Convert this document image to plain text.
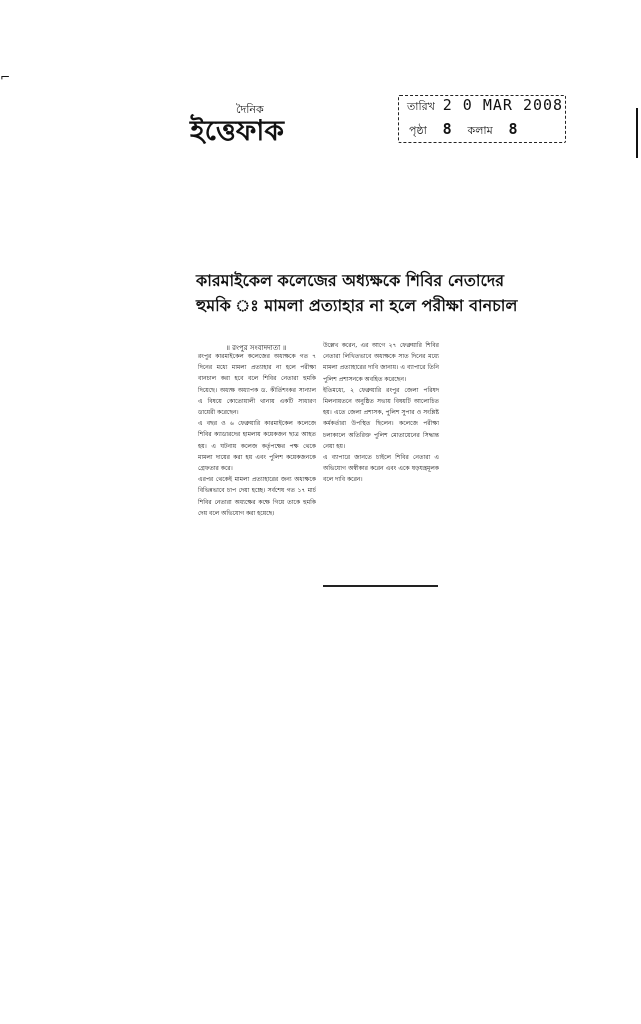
⌐
দৈনিক
ইত্তেফাক
তারিখ 2 0 MAR 2008
পৃষ্ঠা 8 কলাম 8
কারমাইকেল কলেজের অধ্যক্ষকে শিবির নেতাদের
হুমকি ঃ মামলা প্রত্যাহার না হলে পরীক্ষা বানচাল
॥ রংপুর সংবাদদাতা ॥

রংপুর কারমাইকেল কলেজের অধ্যক্ষকে গত ৭ দিনের মধ্যে মামলা প্রত্যাহার না হলে পরীক্ষা বানচাল করা হবে বলে শিবির নেতারা হুমকি দিয়েছে। অধ্যক্ষ অধ্যাপক ড. কীর্তিশংকর সান্যাল এ বিষয়ে কোতোয়ালী থানায় একটি সাধারণ ডায়েরী করেছেন।

এ বছর ও ৬ ফেব্রুয়ারি কারমাইকেল কলেজে শিবির ক্যাডারদের হামলায় কয়েকজন ছাত্র আহত হয়। এ ঘটনায় কলেজ কর্তৃপক্ষের পক্ষ থেকে মামলা দায়ের করা হয় এবং পুলিশ কয়েকজনকে গ্রেফতার করে।

এরপর থেকেই মামলা প্রত্যাহারের জন্য অধ্যক্ষকে বিভিন্নভাবে চাপ দেয়া হচ্ছে। সর্বশেষ গত ১৭ মার্চ শিবির নেতারা অধ্যক্ষের কক্ষে গিয়ে তাকে হুমকি দেয় বলে অভিযোগ করা হয়েছে।

উল্লেখ করেন, এর আগে ২৭ ফেব্রুয়ারি শিবির নেতারা লিখিতভাবে অধ্যক্ষকে সাত দিনের মধ্যে মামলা প্রত্যাহারের দাবি জানায়। এ ব্যাপারে তিনি পুলিশ প্রশাসনকে অবহিত করেছেন।

ইতিমধ্যে, ২ ফেব্রুয়ারি রংপুর জেলা পরিষদ মিলনায়তনে অনুষ্ঠিত সভায় বিষয়টি আলোচিত হয়। এতে জেলা প্রশাসক, পুলিশ সুপার ও সংশ্লিষ্ট কর্মকর্তারা উপস্থিত ছিলেন। কলেজে পরীক্ষা চলাকালে অতিরিক্ত পুলিশ মোতায়েনের সিদ্ধান্ত নেয়া হয়।

এ ব্যাপারে জানতে চাইলে শিবির নেতারা এ অভিযোগ অস্বীকার করেন এবং একে ষড়যন্ত্রমূলক বলে দাবি করেন।
